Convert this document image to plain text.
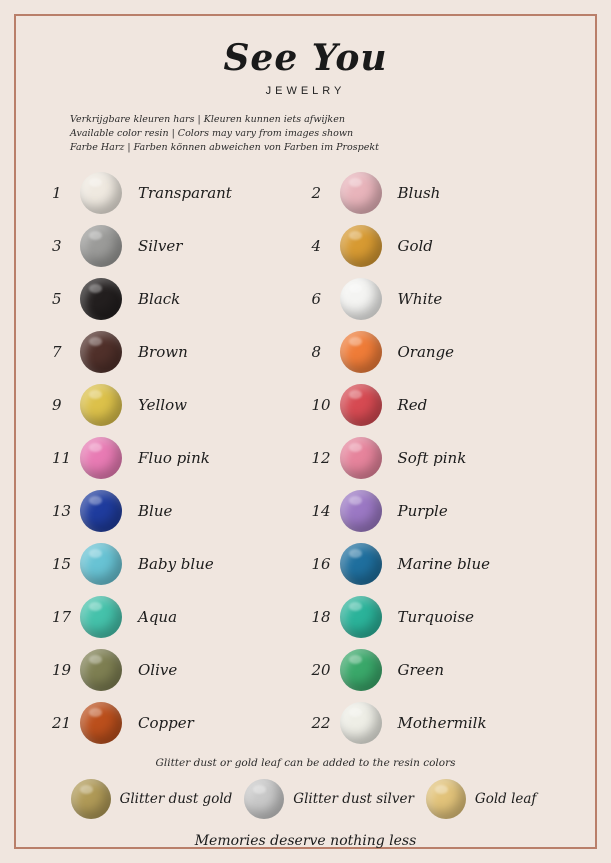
See You
JEWELRY
Verkrijgbare kleuren hars | Kleuren kunnen iets afwijken
Available color resin | Colors may vary from images shown
Farbe Harz | Farben können abweichen von Farben im Prospekt
1	Transparant	2	Blush
3	Silver	4	Gold
5	Black	6	White
7	Brown	8	Orange
9	Yellow	10	Red
11	Fluo pink	12	Soft pink
13	Blue	14	Purple
15	Baby blue	16	Marine blue
17	Aqua	18	Turquoise
19	Olive	20	Green
21	Copper	22	Mothermilk
Glitter dust or gold leaf can be added to the resin colors
Glitter dust gold	Glitter dust silver	Gold leaf
Memories deserve nothing less
